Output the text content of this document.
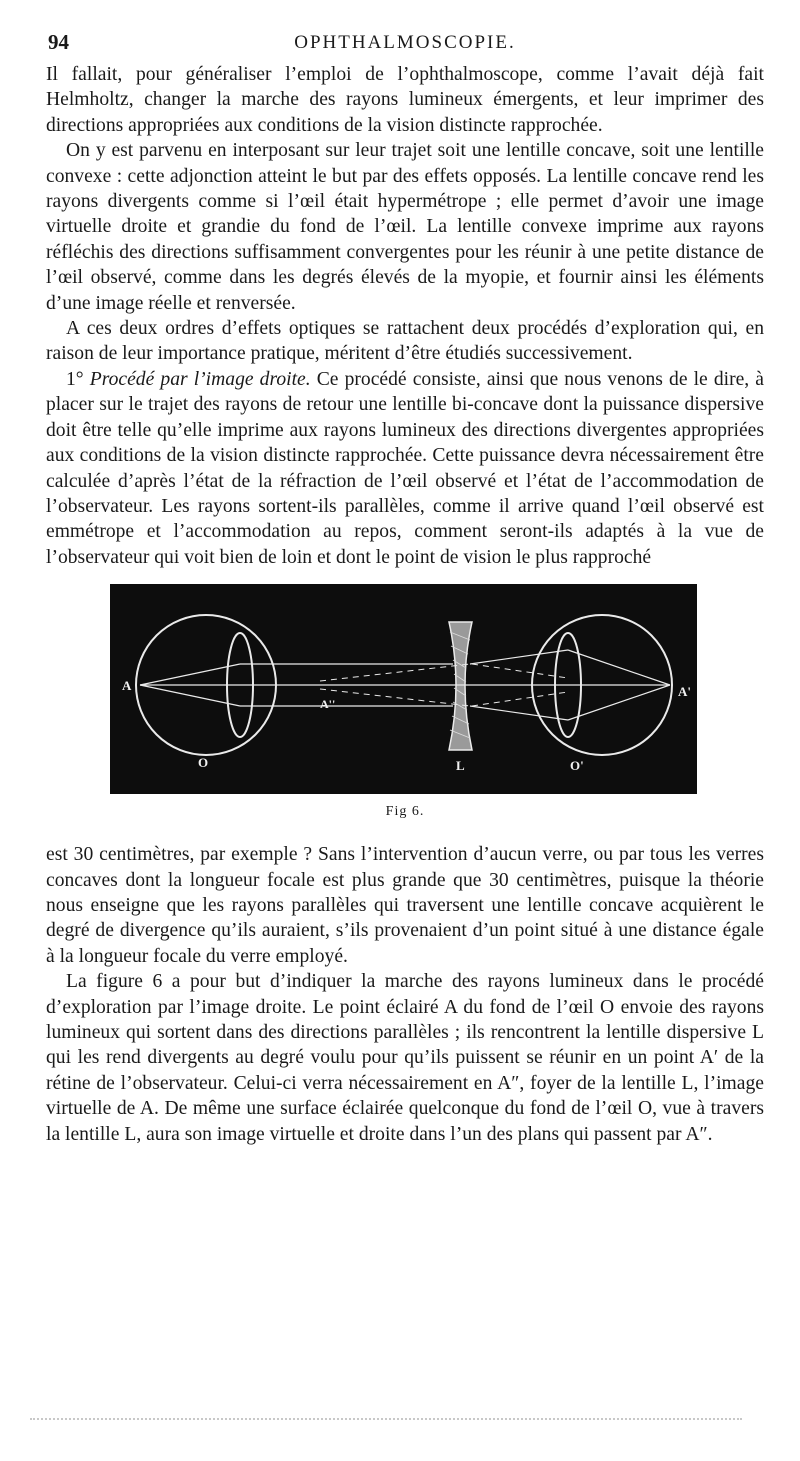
94	OPHTHALMOSCOPIE.

Il fallait, pour généraliser l’emploi de l’ophthalmoscope, comme l’avait déjà fait Helmholtz, changer la marche des rayons lumineux émergents, et leur imprimer des directions appropriées aux conditions de la vision distincte rapprochée.

On y est parvenu en interposant sur leur trajet soit une lentille concave, soit une lentille convexe : cette adjonction atteint le but par des effets opposés. La lentille concave rend les rayons divergents comme si l’œil était hypermétrope ; elle permet d’avoir une image virtuelle droite et grandie du fond de l’œil. La lentille convexe imprime aux rayons réfléchis des directions suffisamment convergentes pour les réunir à une petite distance de l’œil observé, comme dans les degrés élevés de la myopie, et fournir ainsi les éléments d’une image réelle et renversée.

A ces deux ordres d’effets optiques se rattachent deux procédés d’exploration qui, en raison de leur importance pratique, méritent d’être étudiés successivement.

1° Procédé par l’image droite. Ce procédé consiste, ainsi que nous venons de le dire, à placer sur le trajet des rayons de retour une lentille bi-concave dont la puissance dispersive doit être telle qu’elle imprime aux rayons lumineux des directions divergentes appropriées aux conditions de la vision distincte rapprochée. Cette puissance devra nécessairement être calculée d’après l’état de la réfraction de l’œil observé et l’état de l’accommodation de l’observateur. Les rayons sortent-ils parallèles, comme il arrive quand l’œil observé est emmétrope et l’accommodation au repos, comment seront-ils adaptés à la vue de l’observateur qui voit bien de loin et dont le point de vision le plus rapproché

A	A'
A''
O	L	O'
Fig 6.

est 30 centimètres, par exemple ? Sans l’intervention d’aucun verre, ou par tous les verres concaves dont la longueur focale est plus grande que 30 centimètres, puisque la théorie nous enseigne que les rayons parallèles qui traversent une lentille concave acquièrent le degré de divergence qu’ils auraient, s’ils provenaient d’un point situé à une distance égale à la longueur focale du verre employé.

La figure 6 a pour but d’indiquer la marche des rayons lumineux dans le procédé d’exploration par l’image droite. Le point éclairé A du fond de l’œil O envoie des rayons lumineux qui sortent dans des directions parallèles ; ils rencontrent la lentille dispersive L qui les rend divergents au degré voulu pour qu’ils puissent se réunir en un point A′ de la rétine de l’observateur. Celui-ci verra nécessairement en A″, foyer de la lentille L, l’image virtuelle de A. De même une surface éclairée quelconque du fond de l’œil O, vue à travers la lentille L, aura son image virtuelle et droite dans l’un des plans qui passent par A″.
